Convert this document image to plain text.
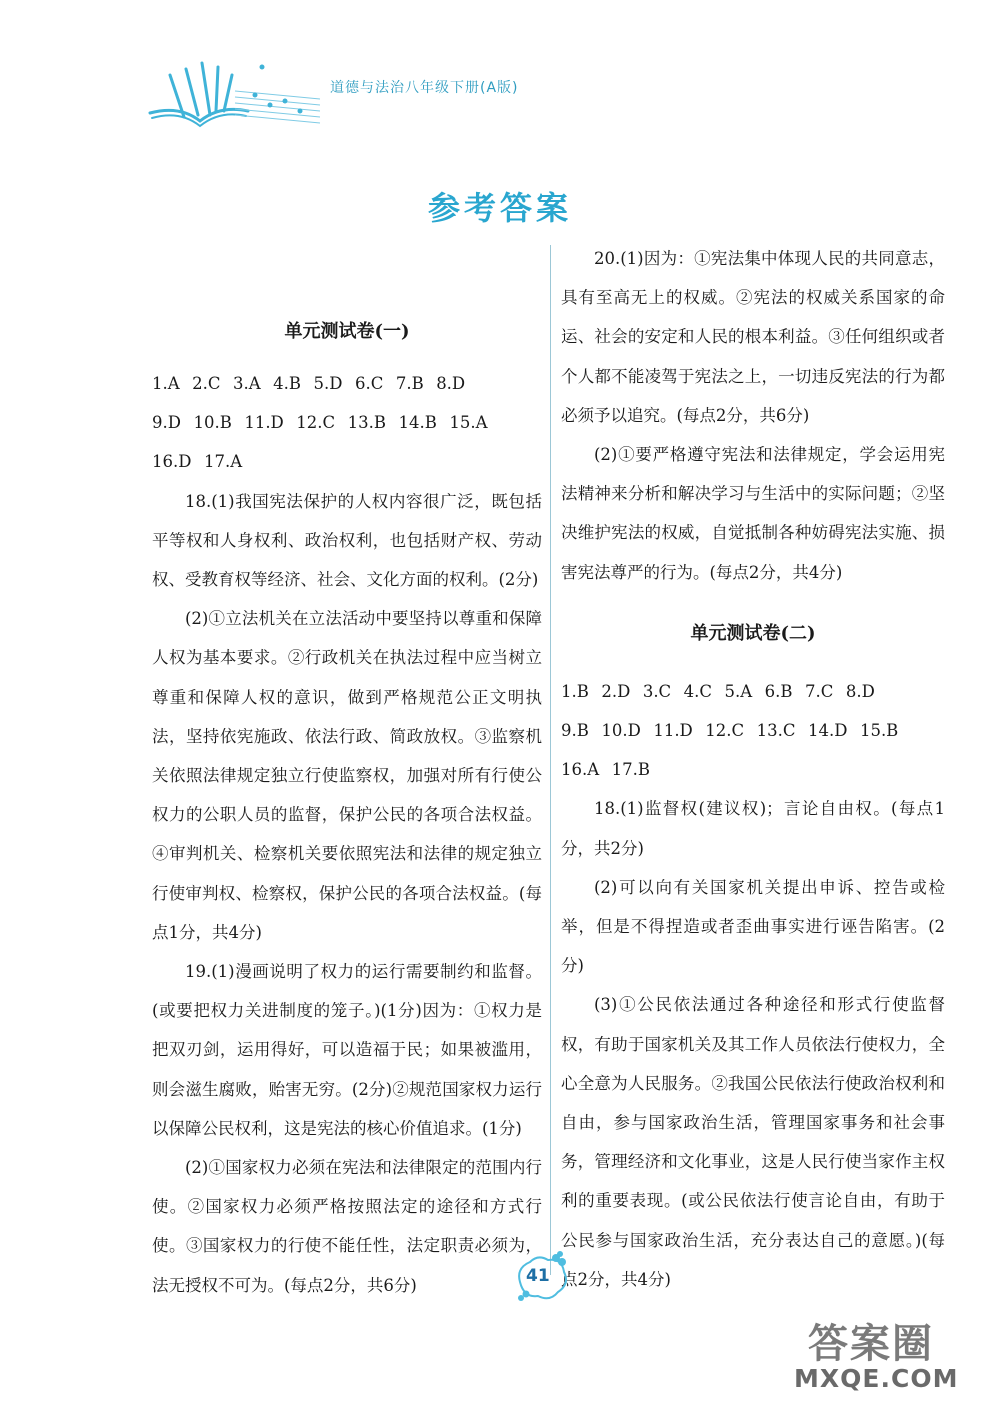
道德与法治八年级下册(A版)
参考答案
单元测试卷(一)
1.A  2.C  3.A  4.B  5.D  6.C  7.B  8.D
9.D  10.B  11.D  12.C  13.B  14.B  15.A
16.D  17.A

18.(1)我国宪法保护的人权内容很广泛，既包括平等权和人身权利、政治权利，也包括财产权、劳动权、受教育权等经济、社会、文化方面的权利。(2分)

(2)①立法机关在立法活动中要坚持以尊重和保障人权为基本要求。②行政机关在执法过程中应当树立尊重和保障人权的意识，做到严格规范公正文明执法，坚持依宪施政、依法行政、简政放权。③监察机关依照法律规定独立行使监察权，加强对所有行使公权力的公职人员的监督，保护公民的各项合法权益。④审判机关、检察机关要依照宪法和法律的规定独立行使审判权、检察权，保护公民的各项合法权益。(每点1分，共4分)

19.(1)漫画说明了权力的运行需要制约和监督。(或要把权力关进制度的笼子。)(1分)因为：①权力是把双刃剑，运用得好，可以造福于民；如果被滥用，则会滋生腐败，贻害无穷。(2分)②规范国家权力运行以保障公民权利，这是宪法的核心价值追求。(1分)

(2)①国家权力必须在宪法和法律限定的范围内行使。②国家权力必须严格按照法定的途径和方式行使。③国家权力的行使不能任性，法定职责必须为，法无授权不可为。(每点2分，共6分)

20.(1)因为：①宪法集中体现人民的共同意志，具有至高无上的权威。②宪法的权威关系国家的命运、社会的安定和人民的根本利益。③任何组织或者个人都不能凌驾于宪法之上，一切违反宪法的行为都必须予以追究。(每点2分，共6分)

(2)①要严格遵守宪法和法律规定，学会运用宪法精神来分析和解决学习与生活中的实际问题；②坚决维护宪法的权威，自觉抵制各种妨碍宪法实施、损害宪法尊严的行为。(每点2分，共4分)

单元测试卷(二)
1.B  2.D  3.C  4.C  5.A  6.B  7.C  8.D
9.B  10.D  11.D  12.C  13.C  14.D  15.B
16.A  17.B

18.(1)监督权(建议权)；言论自由权。(每点1分，共2分)

(2)可以向有关国家机关提出申诉、控告或检举，但是不得捏造或者歪曲事实进行诬告陷害。(2分)

(3)①公民依法通过各种途径和形式行使监督权，有助于国家机关及其工作人员依法行使权力，全心全意为人民服务。②我国公民依法行使政治权利和自由，参与国家政治生活，管理国家事务和社会事务，管理经济和文化事业，这是人民行使当家作主权利的重要表现。(或公民依法行使言论自由，有助于公民参与国家政治生活，充分表达自己的意愿。)(每点2分，共4分)

41
答案圈
MXQE.COM
